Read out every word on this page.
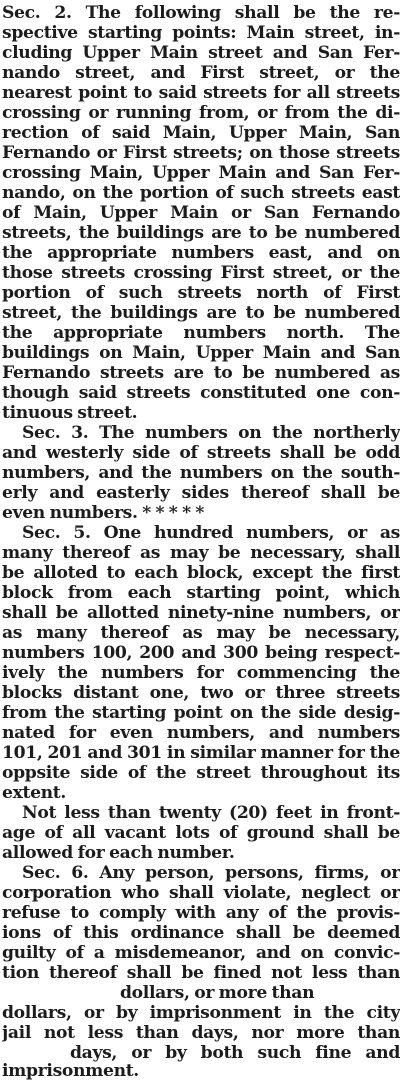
Sec. 2. The following shall be the re-
spective starting points: Main street, in-
cluding Upper Main street and San Fer-
nando street, and First street, or the
nearest point to said streets for all streets
crossing or running from, or from the di-
rection of said Main, Upper Main, San
Fernando or First streets; on those streets
crossing Main, Upper Main and San Fer-
nando, on the portion of such streets east
of Main, Upper Main or San Fernando
streets, the buildings are to be numbered
the appropriate numbers east, and on
those streets crossing First street, or the
portion of such streets north of First
street, the buildings are to be numbered
the appropriate numbers north. The
buildings on Main, Upper Main and San
Fernando streets are to be numbered as
though said streets constituted one con-
tinuous street.
Sec. 3. The numbers on the northerly
and westerly side of streets shall be odd
numbers, and the numbers on the south-
erly and easterly sides thereof shall be
even numbers. * * * * *
Sec. 5. One hundred numbers, or as
many thereof as may be necessary, shall
be alloted to each block, except the first
block from each starting point, which
shall be allotted ninety-nine numbers, or
as many thereof as may be necessary,
numbers 100, 200 and 300 being respect-
ively the numbers for commencing the
blocks distant one, two or three streets
from the starting point on the side desig-
nated for even numbers, and numbers
101, 201 and 301 in similar manner for the
oppsite side of the street throughout its
extent.
Not less than twenty (20) feet in front-
age of all vacant lots of ground shall be
allowed for each number.
Sec. 6. Any person, persons, firms, or
corporation who shall violate, neglect or
refuse to comply with any of the provis-
ions of this ordinance shall be deemed
guilty of a misdemeanor, and on convic-
tion thereof shall be fined not less than
dollars, or more than
dollars, or by imprisonment in the city
jail not less than days, nor more than
days, or by both such fine and
imprisonment.
